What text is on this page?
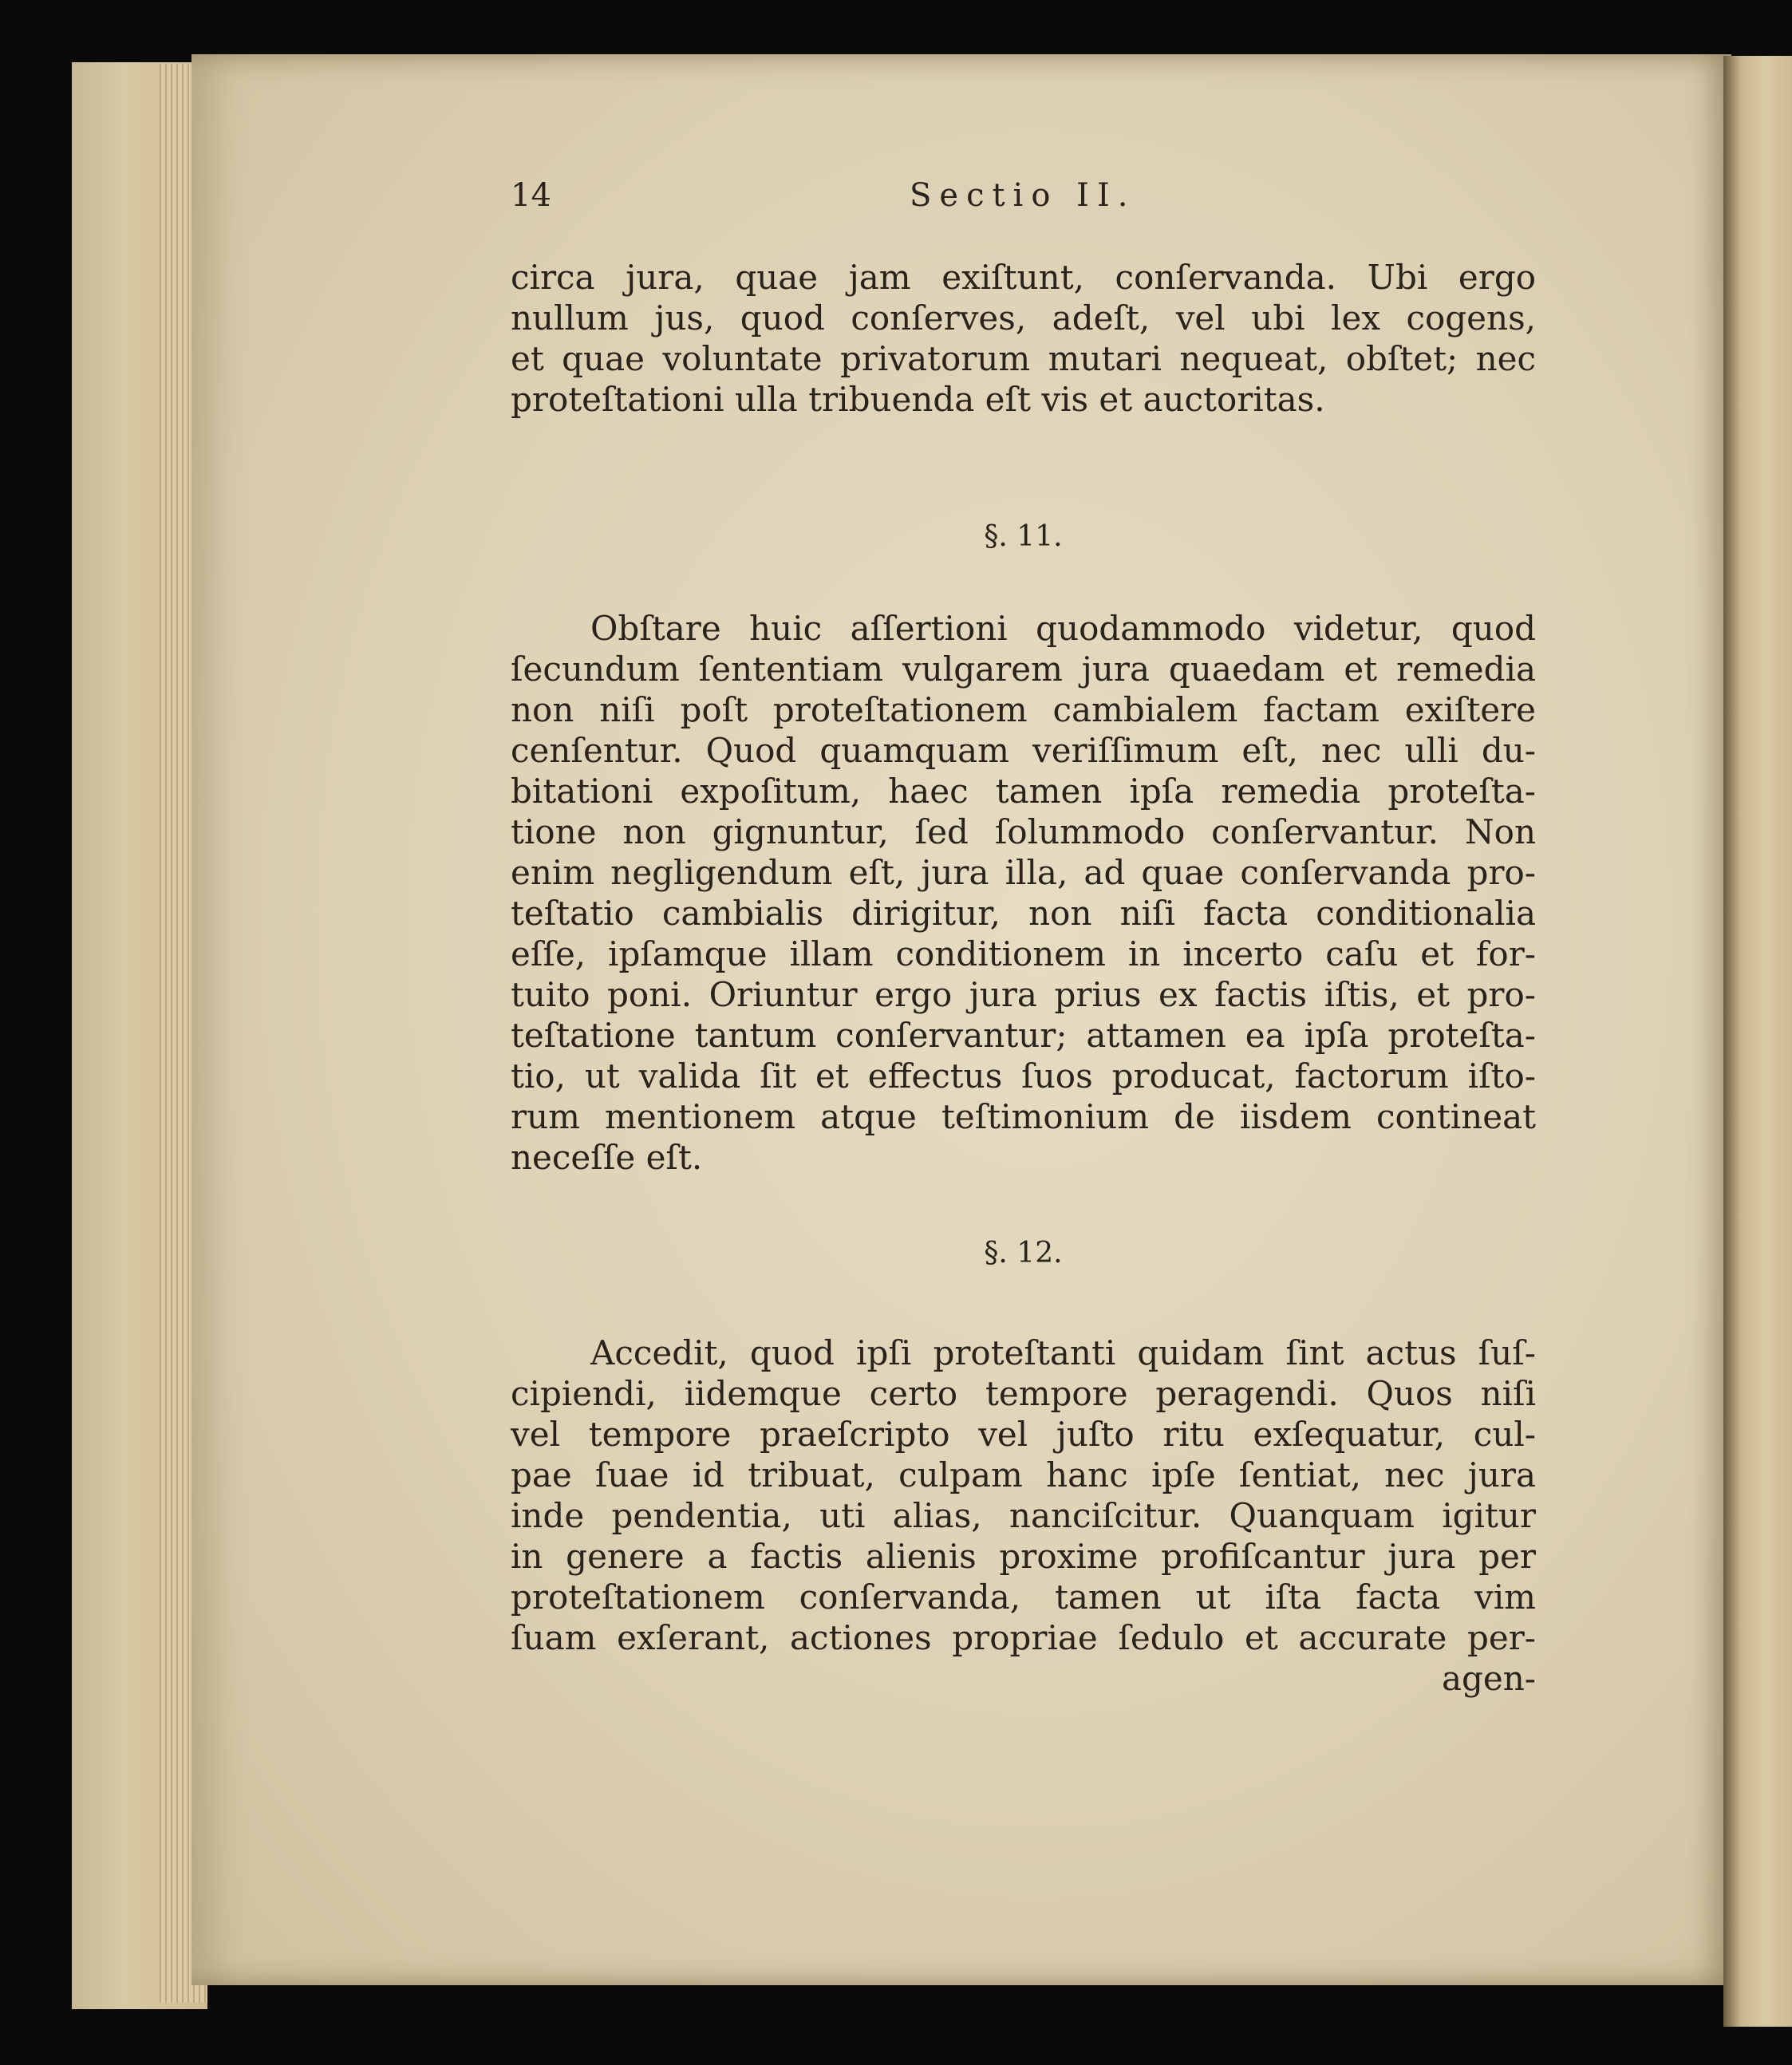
14	Sectio II.
circa jura, quae jam exiſtunt, conſervanda. Ubi ergo
nullum jus, quod conſerves, adeſt, vel ubi lex cogens,
et quae voluntate privatorum mutari nequeat, obſtet; nec
proteſtationi ulla tribuenda eſt vis et auctoritas.
§. 11.
Obſtare huic aſſertioni quodammodo videtur, quod
ſecundum ſententiam vulgarem jura quaedam et remedia
non niſi poſt proteſtationem cambialem factam exiſtere
cenſentur. Quod quamquam veriſſimum eſt, nec ulli du-
bitationi expoſitum, haec tamen ipſa remedia proteſta-
tione non gignuntur, ſed ſolummodo conſervantur. Non
enim negligendum eſt, jura illa, ad quae conſervanda pro-
teſtatio cambialis dirigitur, non niſi facta conditionalia
eſſe, ipſamque illam conditionem in incerto caſu et for-
tuito poni. Oriuntur ergo jura prius ex factis iſtis, et pro-
teſtatione tantum conſervantur; attamen ea ipſa proteſta-
tio, ut valida ſit et effectus ſuos producat, factorum iſto-
rum mentionem atque teſtimonium de iisdem contineat
neceſſe eſt.
§. 12.
Accedit, quod ipſi proteſtanti quidam ſint actus ſuſ-
cipiendi, iidemque certo tempore peragendi. Quos niſi
vel tempore praeſcripto vel juſto ritu exſequatur, cul-
pae ſuae id tribuat, culpam hanc ipſe ſentiat, nec jura
inde pendentia, uti alias, nanciſcitur. Quanquam igitur
in genere a factis alienis proxime profiſcantur jura per
proteſtationem conſervanda, tamen ut iſta facta vim
ſuam exſerant, actiones propriae ſedulo et accurate per-
agen-
